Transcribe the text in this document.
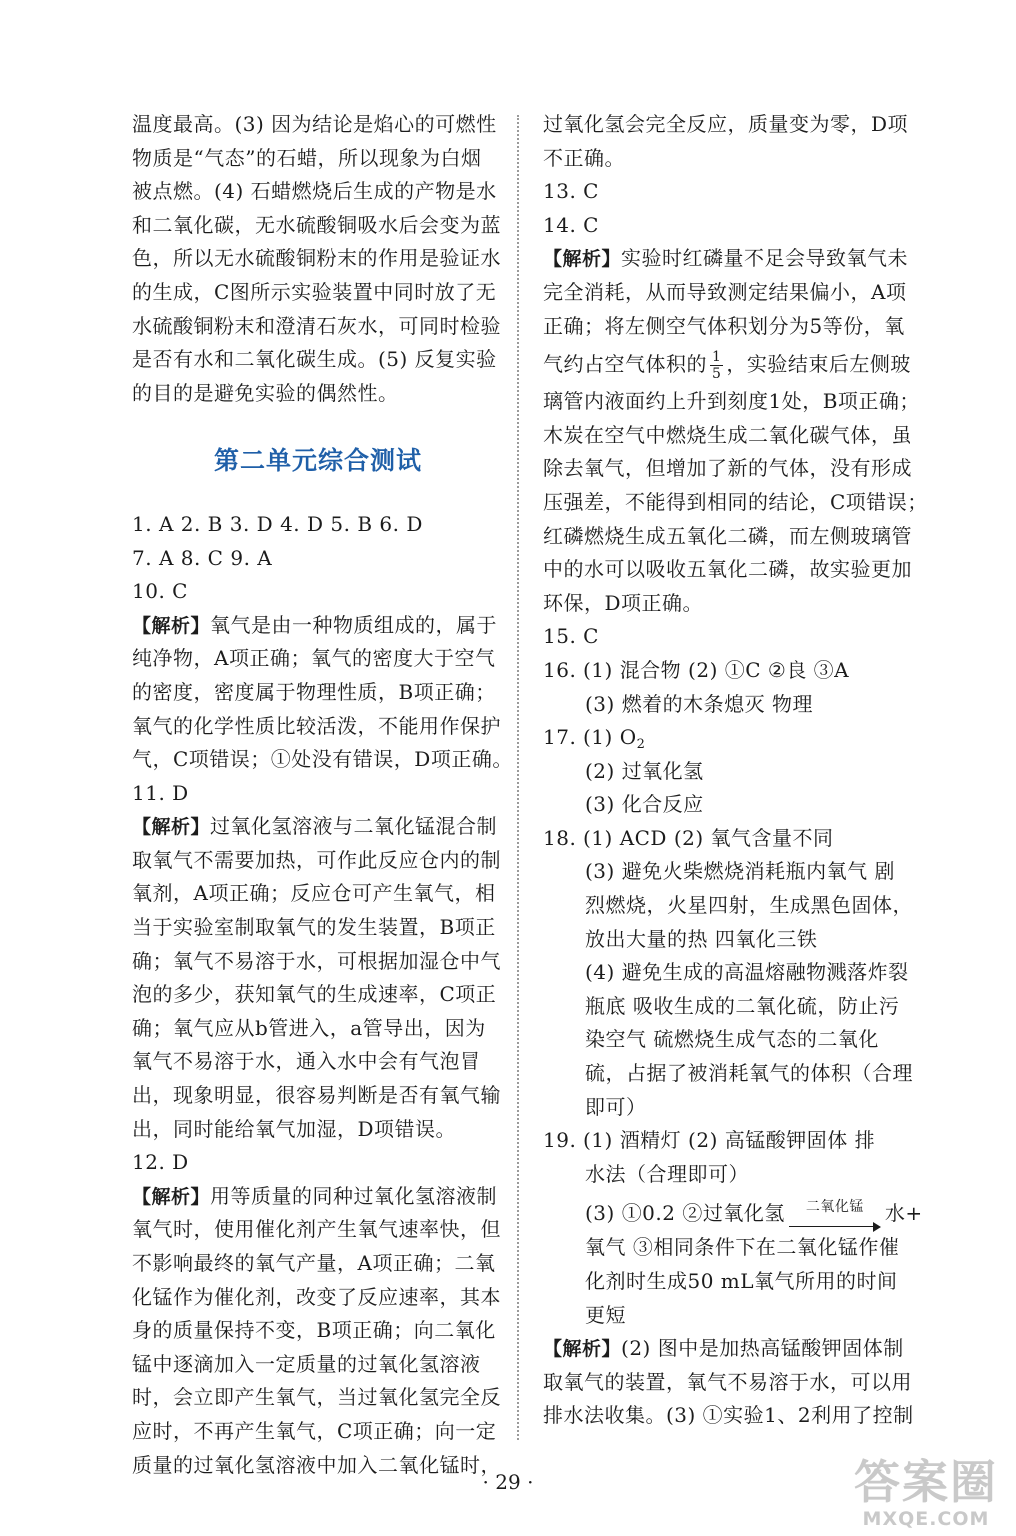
温度最高。(3) 因为结论是焰心的可燃性
物质是“气态”的石蜡，所以现象为白烟
被点燃。(4) 石蜡燃烧后生成的产物是水
和二氧化碳，无水硫酸铜吸水后会变为蓝
色，所以无水硫酸铜粉末的作用是验证水
的生成，C图所示实验装置中同时放了无
水硫酸铜粉末和澄清石灰水，可同时检验
是否有水和二氧化碳生成。(5) 反复实验
的目的是避免实验的偶然性。
第二单元综合测试
1. A 2. B 3. D 4. D 5. B 6. D
7. A 8. C 9. A
10. C
【解析】氧气是由一种物质组成的，属于
纯净物，A项正确；氧气的密度大于空气
的密度，密度属于物理性质，B项正确；
氧气的化学性质比较活泼，不能用作保护
气，C项错误；①处没有错误，D项正确。
11. D
【解析】过氧化氢溶液与二氧化锰混合制
取氧气不需要加热，可作此反应仓内的制
氧剂，A项正确；反应仓可产生氧气，相
当于实验室制取氧气的发生装置，B项正
确；氧气不易溶于水，可根据加湿仓中气
泡的多少，获知氧气的生成速率，C项正
确；氧气应从b管进入，a管导出，因为
氧气不易溶于水，通入水中会有气泡冒
出，现象明显，很容易判断是否有氧气输
出，同时能给氧气加湿，D项错误。
12. D
【解析】用等质量的同种过氧化氢溶液制
氧气时，使用催化剂产生氧气速率快，但
不影响最终的氧气产量，A项正确；二氧
化锰作为催化剂，改变了反应速率，其本
身的质量保持不变，B项正确；向二氧化
锰中逐滴加入一定质量的过氧化氢溶液
时，会立即产生氧气，当过氧化氢完全反
应时，不再产生氧气，C项正确；向一定
质量的过氧化氢溶液中加入二氧化锰时，
过氧化氢会完全反应，质量变为零，D项
不正确。
13. C
14. C
【解析】实验时红磷量不足会导致氧气未
完全消耗，从而导致测定结果偏小，A项
正确；将左侧空气体积划分为5等份，氧
气约占空气体积的 $\frac{1}{5}$ ，实验结束后左侧玻
璃管内液面约上升到刻度1处，B项正确；
木炭在空气中燃烧生成二氧化碳气体，虽
除去氧气，但增加了新的气体，没有形成
压强差，不能得到相同的结论，C项错误；
红磷燃烧生成五氧化二磷，而左侧玻璃管
中的水可以吸收五氧化二磷，故实验更加
环保，D项正确。
15. C
16. (1) 混合物 (2) ①C ②良 ③A
(3) 燃着的木条熄灭 物理
17. (1) $O_2$
(2) 过氧化氢
(3) 化合反应
18. (1) ACD (2) 氧气含量不同
(3) 避免火柴燃烧消耗瓶内氧气 剧
烈燃烧，火星四射，生成黑色固体，
放出大量的热 四氧化三铁
(4) 避免生成的高温熔融物溅落炸裂
瓶底 吸收生成的二氧化硫，防止污
染空气 硫燃烧生成气态的二氧化
硫，占据了被消耗氧气的体积（合理
即可）
19. (1) 酒精灯 (2) 高锰酸钾固体 排
水法（合理即可）
(3) ①0.2 ②过氧化氢	二氧化锰	水+
氧气 ③相同条件下在二氧化锰作催
化剂时生成50 mL氧气所用的时间
更短
【解析】(2) 图中是加热高锰酸钾固体制
取氧气的装置，氧气不易溶于水，可以用
排水法收集。(3) ①实验1、2利用了控制
· 29 ·	答案圈
MXQE.COM
